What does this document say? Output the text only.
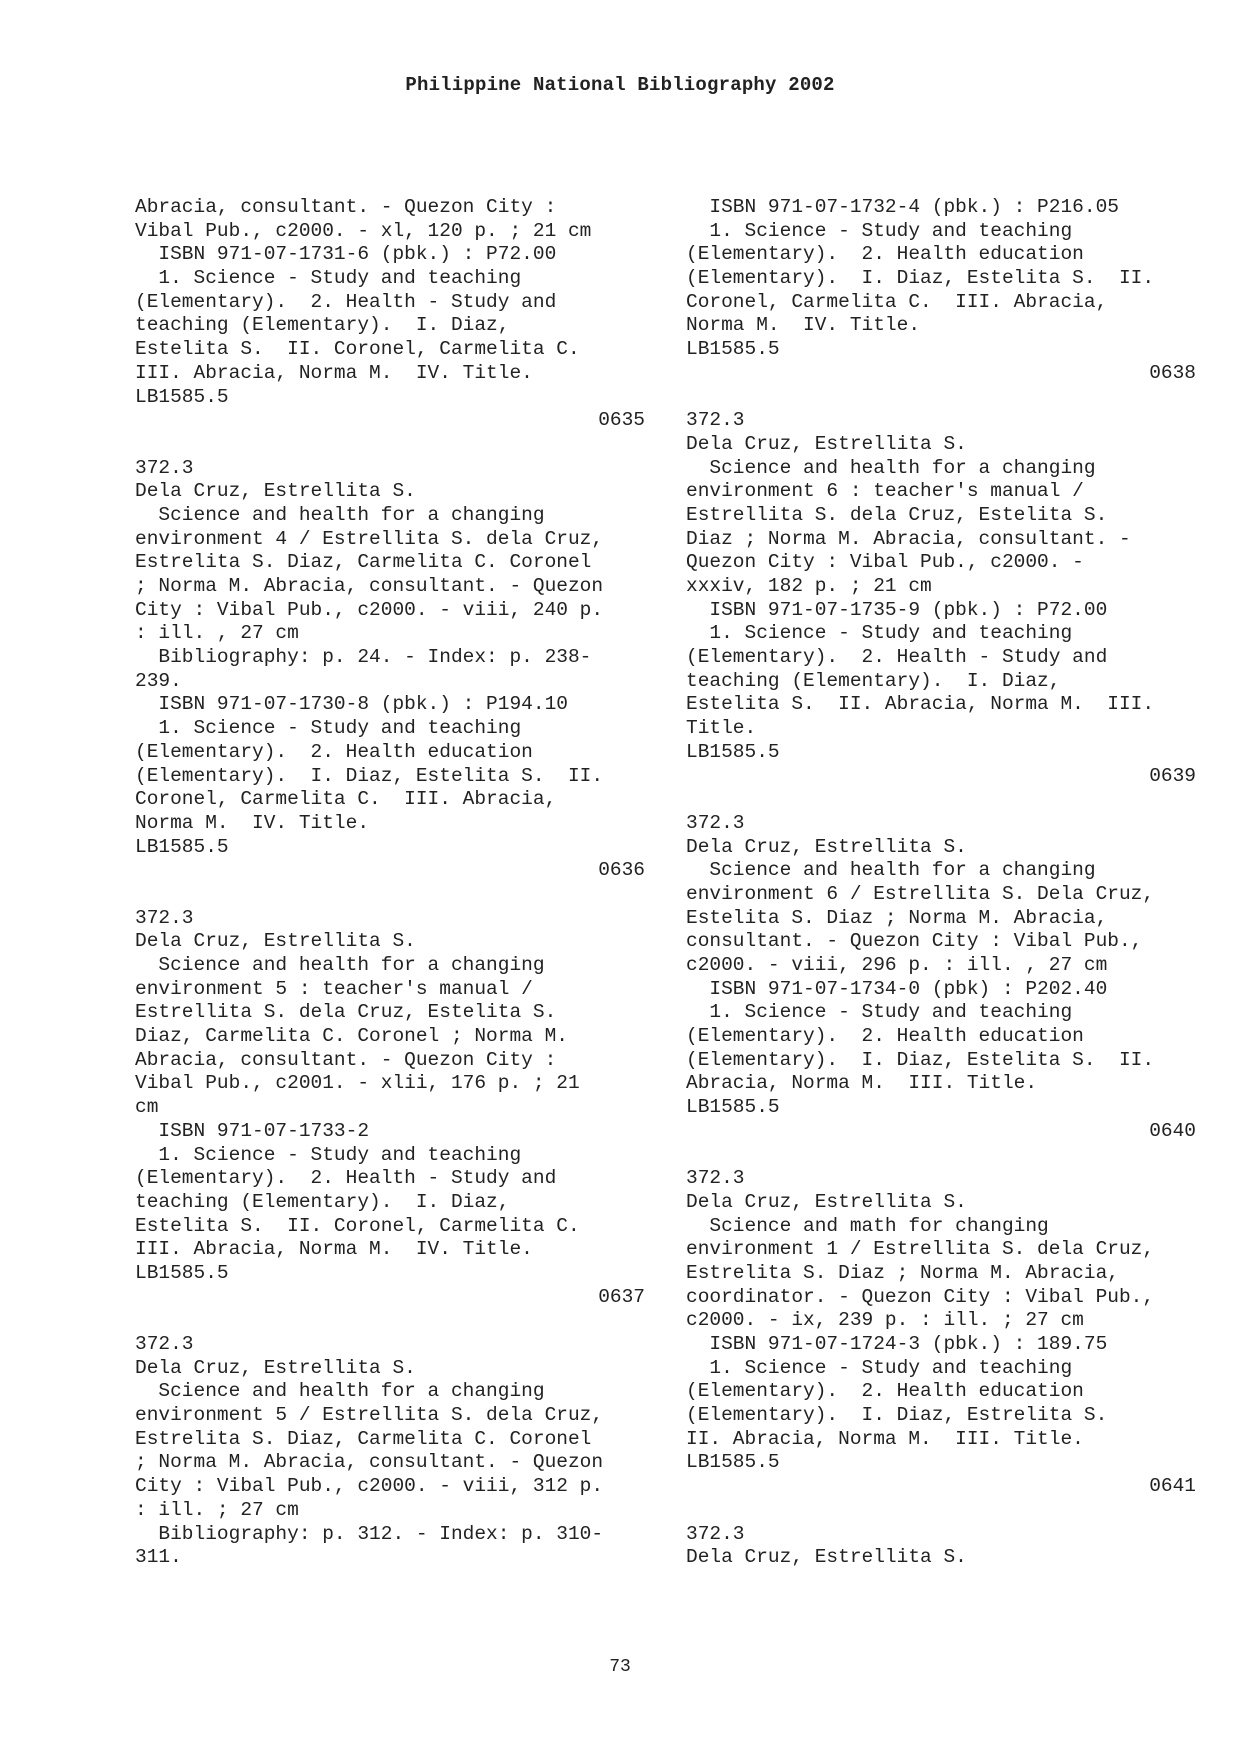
Philippine National Bibliography 2002
Abracia, consultant. - Quezon City :
Vibal Pub., c2000. - xl, 120 p. ; 21 cm
ISBN 971-07-1731-6 (pbk.) : P72.00
1. Science - Study and teaching
(Elementary).  2. Health - Study and
teaching (Elementary).  I. Diaz,
Estelita S.  II. Coronel, Carmelita C.
III. Abracia, Norma M.  IV. Title.
LB1585.5
0635
372.3
Dela Cruz, Estrellita S.
Science and health for a changing
environment 4 / Estrellita S. dela Cruz,
Estrelita S. Diaz, Carmelita C. Coronel
; Norma M. Abracia, consultant. - Quezon
City : Vibal Pub., c2000. - viii, 240 p.
: ill. , 27 cm
Bibliography: p. 24. - Index: p. 238-
239.
ISBN 971-07-1730-8 (pbk.) : P194.10
1. Science - Study and teaching
(Elementary).  2. Health education
(Elementary).  I. Diaz, Estelita S.  II.
Coronel, Carmelita C.  III. Abracia,
Norma M.  IV. Title.
LB1585.5
0636
372.3
Dela Cruz, Estrellita S.
Science and health for a changing
environment 5 : teacher's manual /
Estrellita S. dela Cruz, Estelita S.
Diaz, Carmelita C. Coronel ; Norma M.
Abracia, consultant. - Quezon City :
Vibal Pub., c2001. - xlii, 176 p. ; 21
cm
ISBN 971-07-1733-2
1. Science - Study and teaching
(Elementary).  2. Health - Study and
teaching (Elementary).  I. Diaz,
Estelita S.  II. Coronel, Carmelita C.
III. Abracia, Norma M.  IV. Title.
LB1585.5
0637
372.3
Dela Cruz, Estrellita S.
Science and health for a changing
environment 5 / Estrellita S. dela Cruz,
Estrelita S. Diaz, Carmelita C. Coronel
; Norma M. Abracia, consultant. - Quezon
City : Vibal Pub., c2000. - viii, 312 p.
: ill. ; 27 cm
Bibliography: p. 312. - Index: p. 310-
311.
ISBN 971-07-1732-4 (pbk.) : P216.05
1. Science - Study and teaching
(Elementary).  2. Health education
(Elementary).  I. Diaz, Estelita S.  II.
Coronel, Carmelita C.  III. Abracia,
Norma M.  IV. Title.
LB1585.5
0638
372.3
Dela Cruz, Estrellita S.
Science and health for a changing
environment 6 : teacher's manual /
Estrellita S. dela Cruz, Estelita S.
Diaz ; Norma M. Abracia, consultant. -
Quezon City : Vibal Pub., c2000. -
xxxiv, 182 p. ; 21 cm
ISBN 971-07-1735-9 (pbk.) : P72.00
1. Science - Study and teaching
(Elementary).  2. Health - Study and
teaching (Elementary).  I. Diaz,
Estelita S.  II. Abracia, Norma M.  III.
Title.
LB1585.5
0639
372.3
Dela Cruz, Estrellita S.
Science and health for a changing
environment 6 / Estrellita S. Dela Cruz,
Estelita S. Diaz ; Norma M. Abracia,
consultant. - Quezon City : Vibal Pub.,
c2000. - viii, 296 p. : ill. , 27 cm
ISBN 971-07-1734-0 (pbk) : P202.40
1. Science - Study and teaching
(Elementary).  2. Health education
(Elementary).  I. Diaz, Estelita S.  II.
Abracia, Norma M.  III. Title.
LB1585.5
0640
372.3
Dela Cruz, Estrellita S.
Science and math for changing
environment 1 / Estrellita S. dela Cruz,
Estrelita S. Diaz ; Norma M. Abracia,
coordinator. - Quezon City : Vibal Pub.,
c2000. - ix, 239 p. : ill. ; 27 cm
ISBN 971-07-1724-3 (pbk.) : 189.75
1. Science - Study and teaching
(Elementary).  2. Health education
(Elementary).  I. Diaz, Estrelita S.
II. Abracia, Norma M.  III. Title.
LB1585.5
0641
372.3
Dela Cruz, Estrellita S.
73
